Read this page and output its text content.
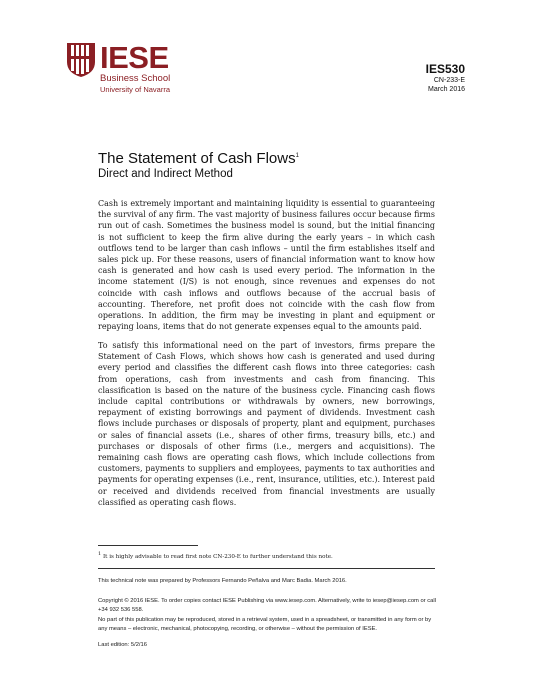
IESE
Business School
University of Navarra
IES530
CN-233-E
March 2016
The Statement of Cash Flows$^1$
Direct and Indirect Method

Cash is extremely important and maintaining liquidity is essential to guaranteeing the survival of any firm. The vast majority of business failures occur because firms run out of cash. Sometimes the business model is sound, but the initial financing is not sufficient to keep the firm alive during the early years – in which cash outflows tend to be larger than cash inflows – until the firm establishes itself and sales pick up. For these reasons, users of financial information want to know how cash is generated and how cash is used every period. The information in the income statement (I/S) is not enough, since revenues and expenses do not coincide with cash inflows and outflows because of the accrual basis of accounting. Therefore, net profit does not coincide with the cash flow from operations. In addition, the firm may be investing in plant and equipment or repaying loans, items that do not generate expenses equal to the amounts paid.

To satisfy this informational need on the part of investors, firms prepare the Statement of Cash Flows, which shows how cash is generated and used during every period and classifies the different cash flows into three categories: cash from operations, cash from investments and cash from financing. This classification is based on the nature of the business cycle. Financing cash flows include capital contributions or withdrawals by owners, new borrowings, repayment of existing borrowings and payment of dividends. Investment cash flows include purchases or disposals of property, plant and equipment, purchases or sales of financial assets (i.e., shares of other firms, treasury bills, etc.) and purchases or disposals of other firms (i.e., mergers and acquisitions). The remaining cash flows are operating cash flows, which include collections from customers, payments to suppliers and employees, payments to tax authorities and payments for operating expenses (i.e., rent, insurance, utilities, etc.). Interest paid or received and dividends received from financial investments are usually classified as operating cash flows.

$^1$ It is highly advisable to read first note CN-230-E to further understand this note.

This technical note was prepared by Professors Fernando Peñalva and Marc Badia. March 2016.

Copyright © 2016 IESE. To order copies contact IESE Publishing via www.iesep.com. Alternatively, write to iesep@iesep.com or call +34 932 536 558.

No part of this publication may be reproduced, stored in a retrieval system, used in a spreadsheet, or transmitted in any form or by any means – electronic, mechanical, photocopying, recording, or otherwise – without the permission of IESE.

Last edition: 5/2/16
